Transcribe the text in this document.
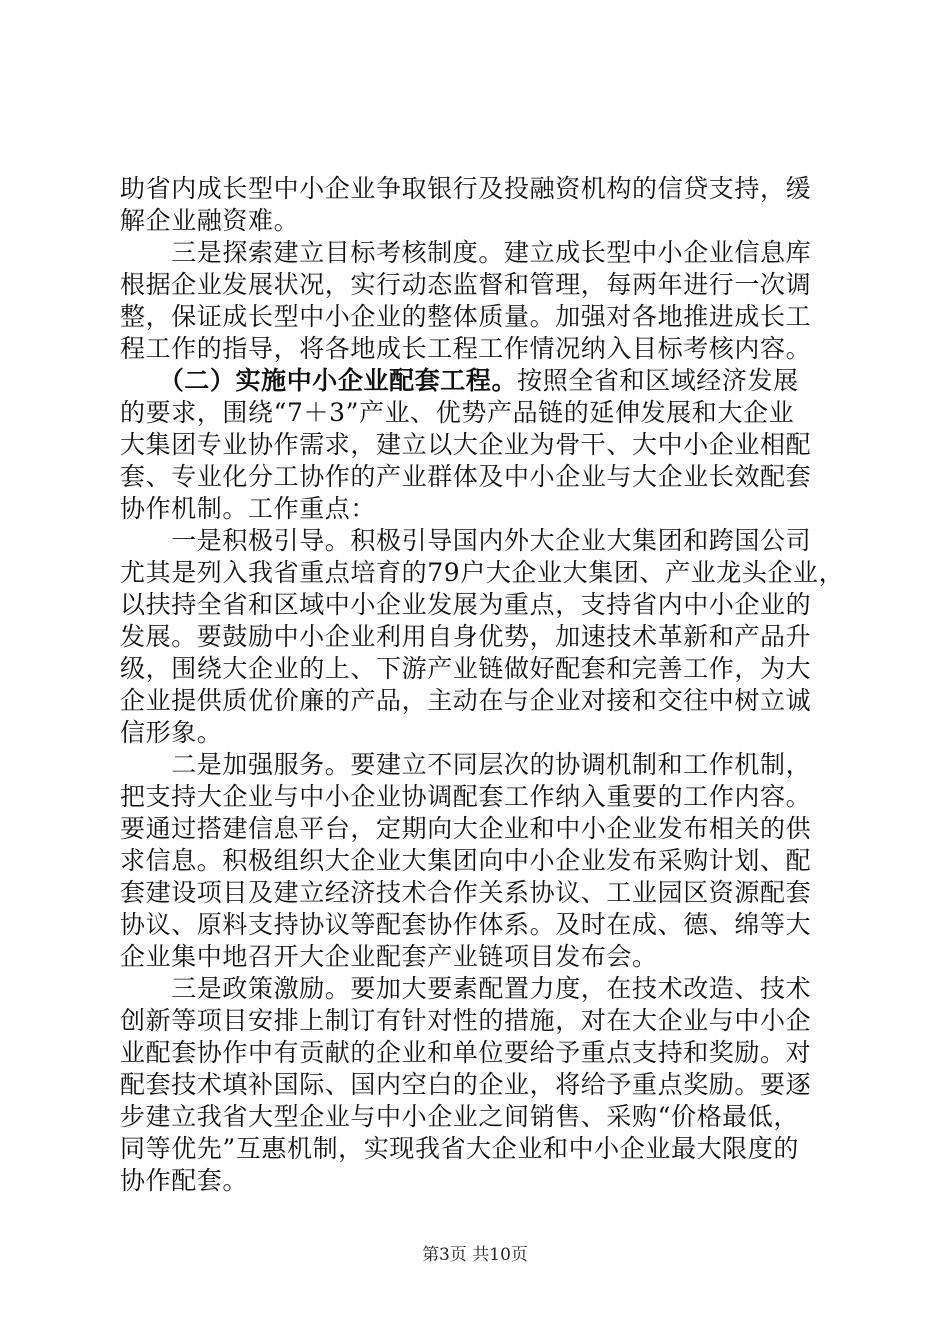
助省内成长型中小企业争取银行及投融资机构的信贷支持，缓
解企业融资难。
　　三是探索建立目标考核制度。建立成长型中小企业信息库
根据企业发展状况，实行动态监督和管理，每两年进行一次调
整，保证成长型中小企业的整体质量。加强对各地推进成长工
程工作的指导，将各地成长工程工作情况纳入目标考核内容。
　　（二）实施中小企业配套工程。按照全省和区域经济发展
的要求，围绕“7＋3”产业、优势产品链的延伸发展和大企业
大集团专业协作需求，建立以大企业为骨干、大中小企业相配
套、专业化分工协作的产业群体及中小企业与大企业长效配套
协作机制。工作重点：
　　一是积极引导。积极引导国内外大企业大集团和跨国公司
尤其是列入我省重点培育的79户大企业大集团、产业龙头企业，
以扶持全省和区域中小企业发展为重点，支持省内中小企业的
发展。要鼓励中小企业利用自身优势，加速技术革新和产品升
级，围绕大企业的上、下游产业链做好配套和完善工作，为大
企业提供质优价廉的产品，主动在与企业对接和交往中树立诚
信形象。
　　二是加强服务。要建立不同层次的协调机制和工作机制，
把支持大企业与中小企业协调配套工作纳入重要的工作内容。
要通过搭建信息平台，定期向大企业和中小企业发布相关的供
求信息。积极组织大企业大集团向中小企业发布采购计划、配
套建设项目及建立经济技术合作关系协议、工业园区资源配套
协议、原料支持协议等配套协作体系。及时在成、德、绵等大
企业集中地召开大企业配套产业链项目发布会。
　　三是政策激励。要加大要素配置力度，在技术改造、技术
创新等项目安排上制订有针对性的措施，对在大企业与中小企
业配套协作中有贡献的企业和单位要给予重点支持和奖励。对
配套技术填补国际、国内空白的企业，将给予重点奖励。要逐
步建立我省大型企业与中小企业之间销售、采购“价格最低，
同等优先”互惠机制，实现我省大企业和中小企业最大限度的
协作配套。
第3页 共10页
